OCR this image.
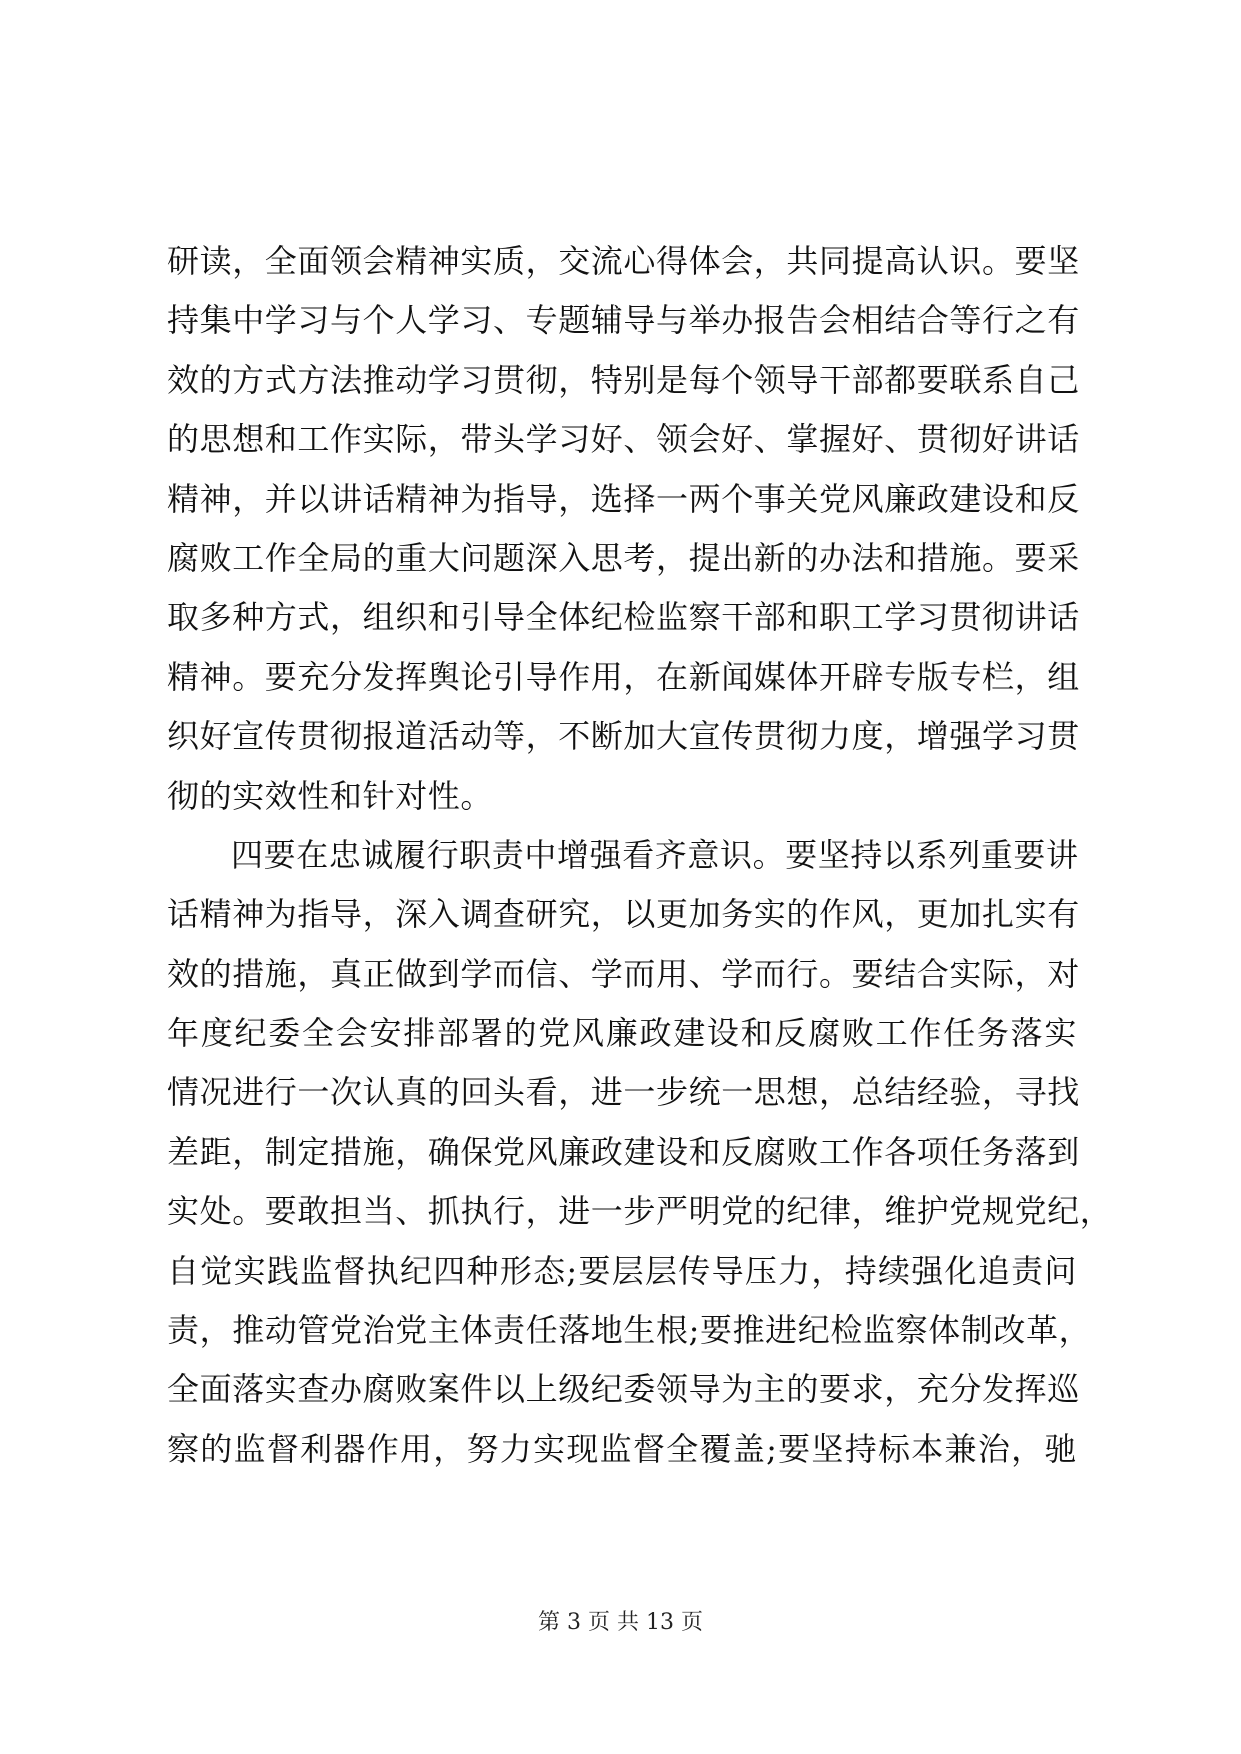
研读，全面领会精神实质，交流心得体会，共同提高认识。要坚
持集中学习与个人学习、专题辅导与举办报告会相结合等行之有
效的方式方法推动学习贯彻，特别是每个领导干部都要联系自己
的思想和工作实际，带头学习好、领会好、掌握好、贯彻好讲话
精神，并以讲话精神为指导，选择一两个事关党风廉政建设和反
腐败工作全局的重大问题深入思考，提出新的办法和措施。要采
取多种方式，组织和引导全体纪检监察干部和职工学习贯彻讲话
精神。要充分发挥舆论引导作用，在新闻媒体开辟专版专栏，组
织好宣传贯彻报道活动等，不断加大宣传贯彻力度，增强学习贯
彻的实效性和针对性。
四要在忠诚履行职责中增强看齐意识。要坚持以系列重要讲
话精神为指导，深入调查研究，以更加务实的作风，更加扎实有
效的措施，真正做到学而信、学而用、学而行。要结合实际，对
年度纪委全会安排部署的党风廉政建设和反腐败工作任务落实
情况进行一次认真的回头看，进一步统一思想，总结经验，寻找
差距，制定措施，确保党风廉政建设和反腐败工作各项任务落到
实处。要敢担当、抓执行，进一步严明党的纪律，维护党规党纪，
自觉实践监督执纪四种形态;要层层传导压力，持续强化追责问
责，推动管党治党主体责任落地生根;要推进纪检监察体制改革，
全面落实查办腐败案件以上级纪委领导为主的要求，充分发挥巡
察的监督利器作用，努力实现监督全覆盖;要坚持标本兼治，驰
第 3 页 共 13 页
